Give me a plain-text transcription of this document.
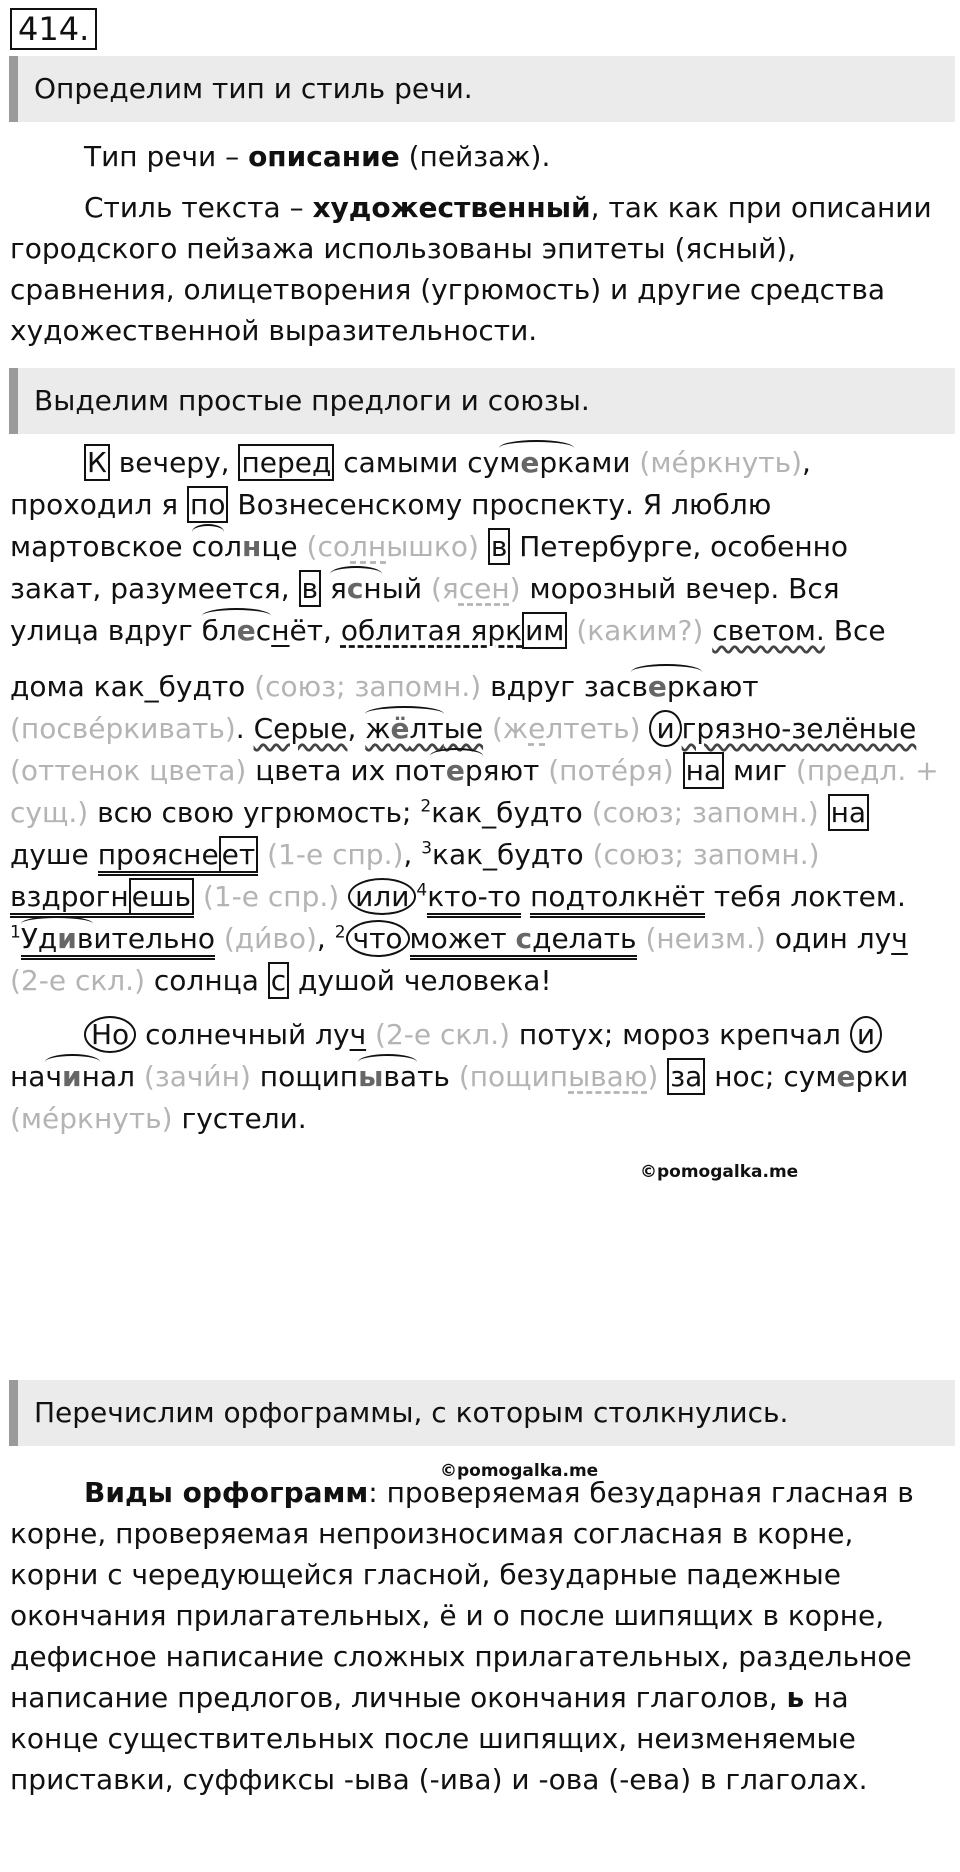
414.
Определим тип и стиль речи.
Тип речи – описание (пейзаж).
Стиль текста – художественный, так как при описании
городского пейзажа использованы эпитеты (ясный),
сравнения, олицетворения (угрюмость) и другие средства
художественной выразительности.
Выделим простые предлоги и союзы.
К вечеру, перед самыми сумерками (ме́ркнуть),
проходил я по Вознесенскому проспекту. Я люблю
мартовское солнце (солнышко) в Петербурге, особенно
закат, разумеется, в ясный (ясен) морозный вечер. Вся
улица вдруг блеснёт, облитая ярк им (каким?) светом. Все
дома как_будто (союз; запомн.) вдруг засверкают
(посве́ркивать). Серые, жёлтые (желтеть) и грязно-зелёные
(оттенок цвета) цвета их потеряют (поте́ря) на миг (предл. +
сущ.) всю свою угрюмость; $^2$как_будто (союз; запомн.) на
душе проясне ет (1-е спр.), $^3$как_будто (союз; запомн.)
вздрогн ешь (1-е спр.) или $^4$кто-то подтолкнёт тебя локтем.
$^1$Удивительно (ди́во), $^2$ что может сделать (неизм.) один луч
(2-е скл.) солнца с душой человека!
Но солнечный луч (2-е скл.) потух; мороз крепчал и
начинал (зачи́н) пощипывать (пощипываю) за нос; сумерки
(ме́ркнуть) густели.
©pomogalka.me
Перечислим орфограммы, с которым столкнулись.
©pomogalka.me
Виды орфограмм: проверяемая безударная гласная в
корне, проверяемая непроизносимая согласная в корне,
корни с чередующейся гласной, безударные падежные
окончания прилагательных, ё и о после шипящих в корне,
дефисное написание сложных прилагательных, раздельное
написание предлогов, личные окончания глаголов, ь на
конце существительных после шипящих, неизменяемые
приставки, суффиксы -ыва (-ива) и -ова (-ева) в глаголах.
